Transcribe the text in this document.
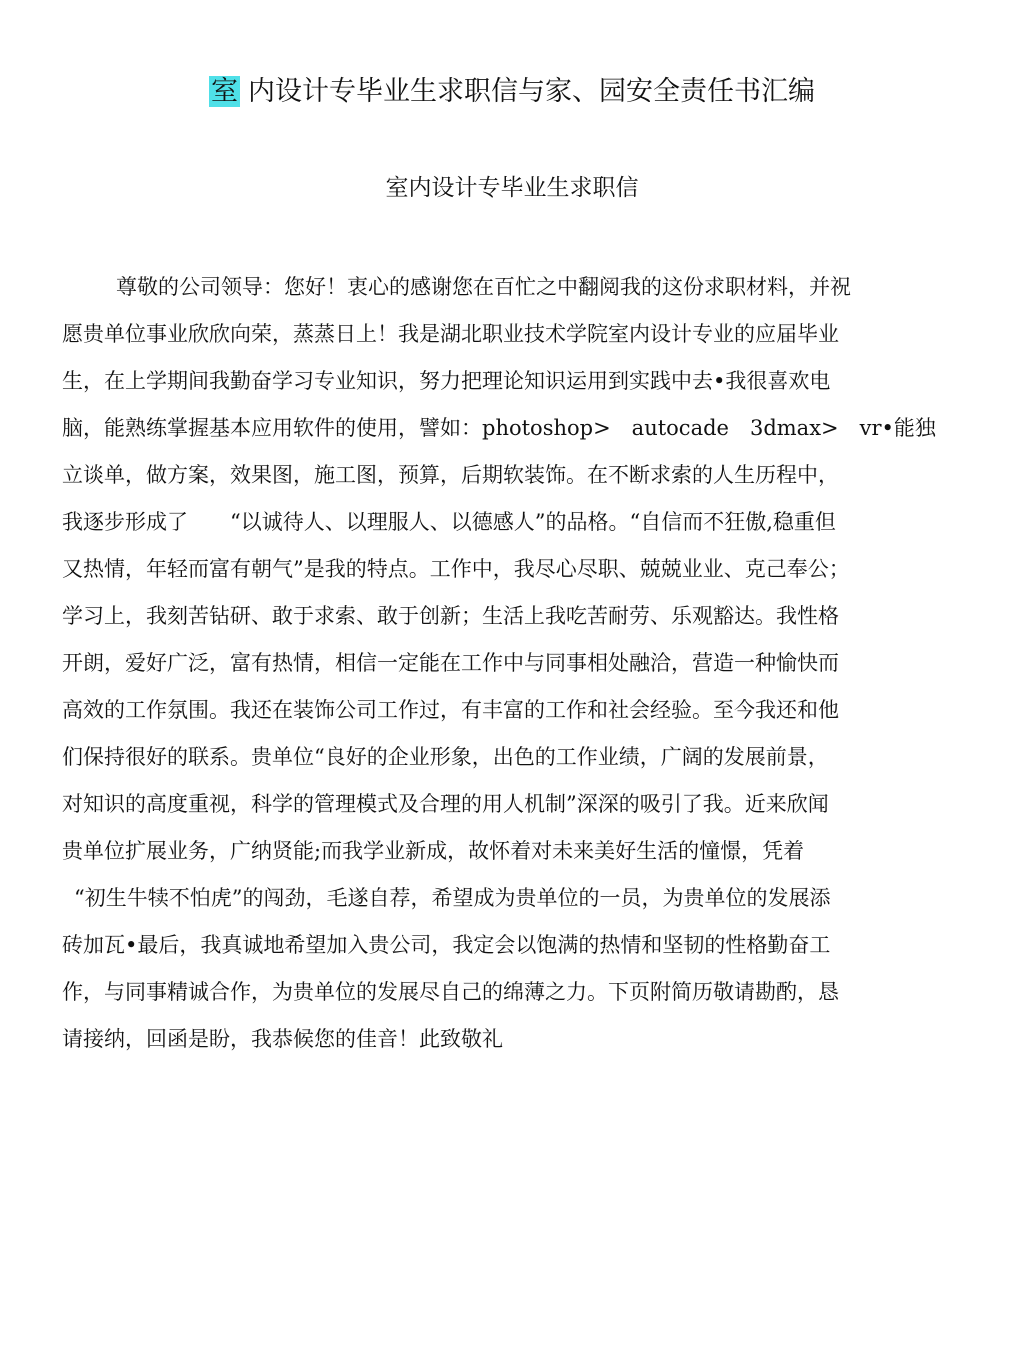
室 内设计专毕业生求职信与家、园安全责任书汇编
室内设计专毕业生求职信
尊敬的公司领导：您好！衷心的感谢您在百忙之中翻阅我的这份求职材料，并祝
愿贵单位事业欣欣向荣，蒸蒸日上！我是湖北职业技术学院室内设计专业的应届毕业
生，在上学期间我勤奋学习专业知识，努力把理论知识运用到实践中去•我很喜欢电
脑，能熟练掌握基本应用软件的使用，譬如：photoshop>　autocade　3dmax>　vr•能独
立谈单，做方案，效果图，施工图，预算，后期软装饰。在不断求索的人生历程中，
我逐步形成了　　“以诚待人、以理服人、以德感人”的品格。“自信而不狂傲,稳重但
又热情，年轻而富有朝气”是我的特点。工作中，我尽心尽职、兢兢业业、克己奉公；
学习上，我刻苦钻研、敢于求索、敢于创新；生活上我吃苦耐劳、乐观豁达。我性格
开朗，爱好广泛，富有热情，相信一定能在工作中与同事相处融洽，营造一种愉快而
高效的工作氛围。我还在装饰公司工作过，有丰富的工作和社会经验。至今我还和他
们保持很好的联系。贵单位“良好的企业形象，出色的工作业绩，广阔的发展前景，
对知识的高度重视，科学的管理模式及合理的用人机制”深深的吸引了我。近来欣闻
贵单位扩展业务，广纳贤能;而我学业新成，故怀着对未来美好生活的憧憬，凭着
“初生牛犊不怕虎”的闯劲，毛遂自荐，希望成为贵单位的一员，为贵单位的发展添
砖加瓦•最后，我真诚地希望加入贵公司，我定会以饱满的热情和坚韧的性格勤奋工
作，与同事精诚合作，为贵单位的发展尽自己的绵薄之力。下页附简历敬请勘酌，恳
请接纳，回函是盼，我恭候您的佳音！此致敬礼
